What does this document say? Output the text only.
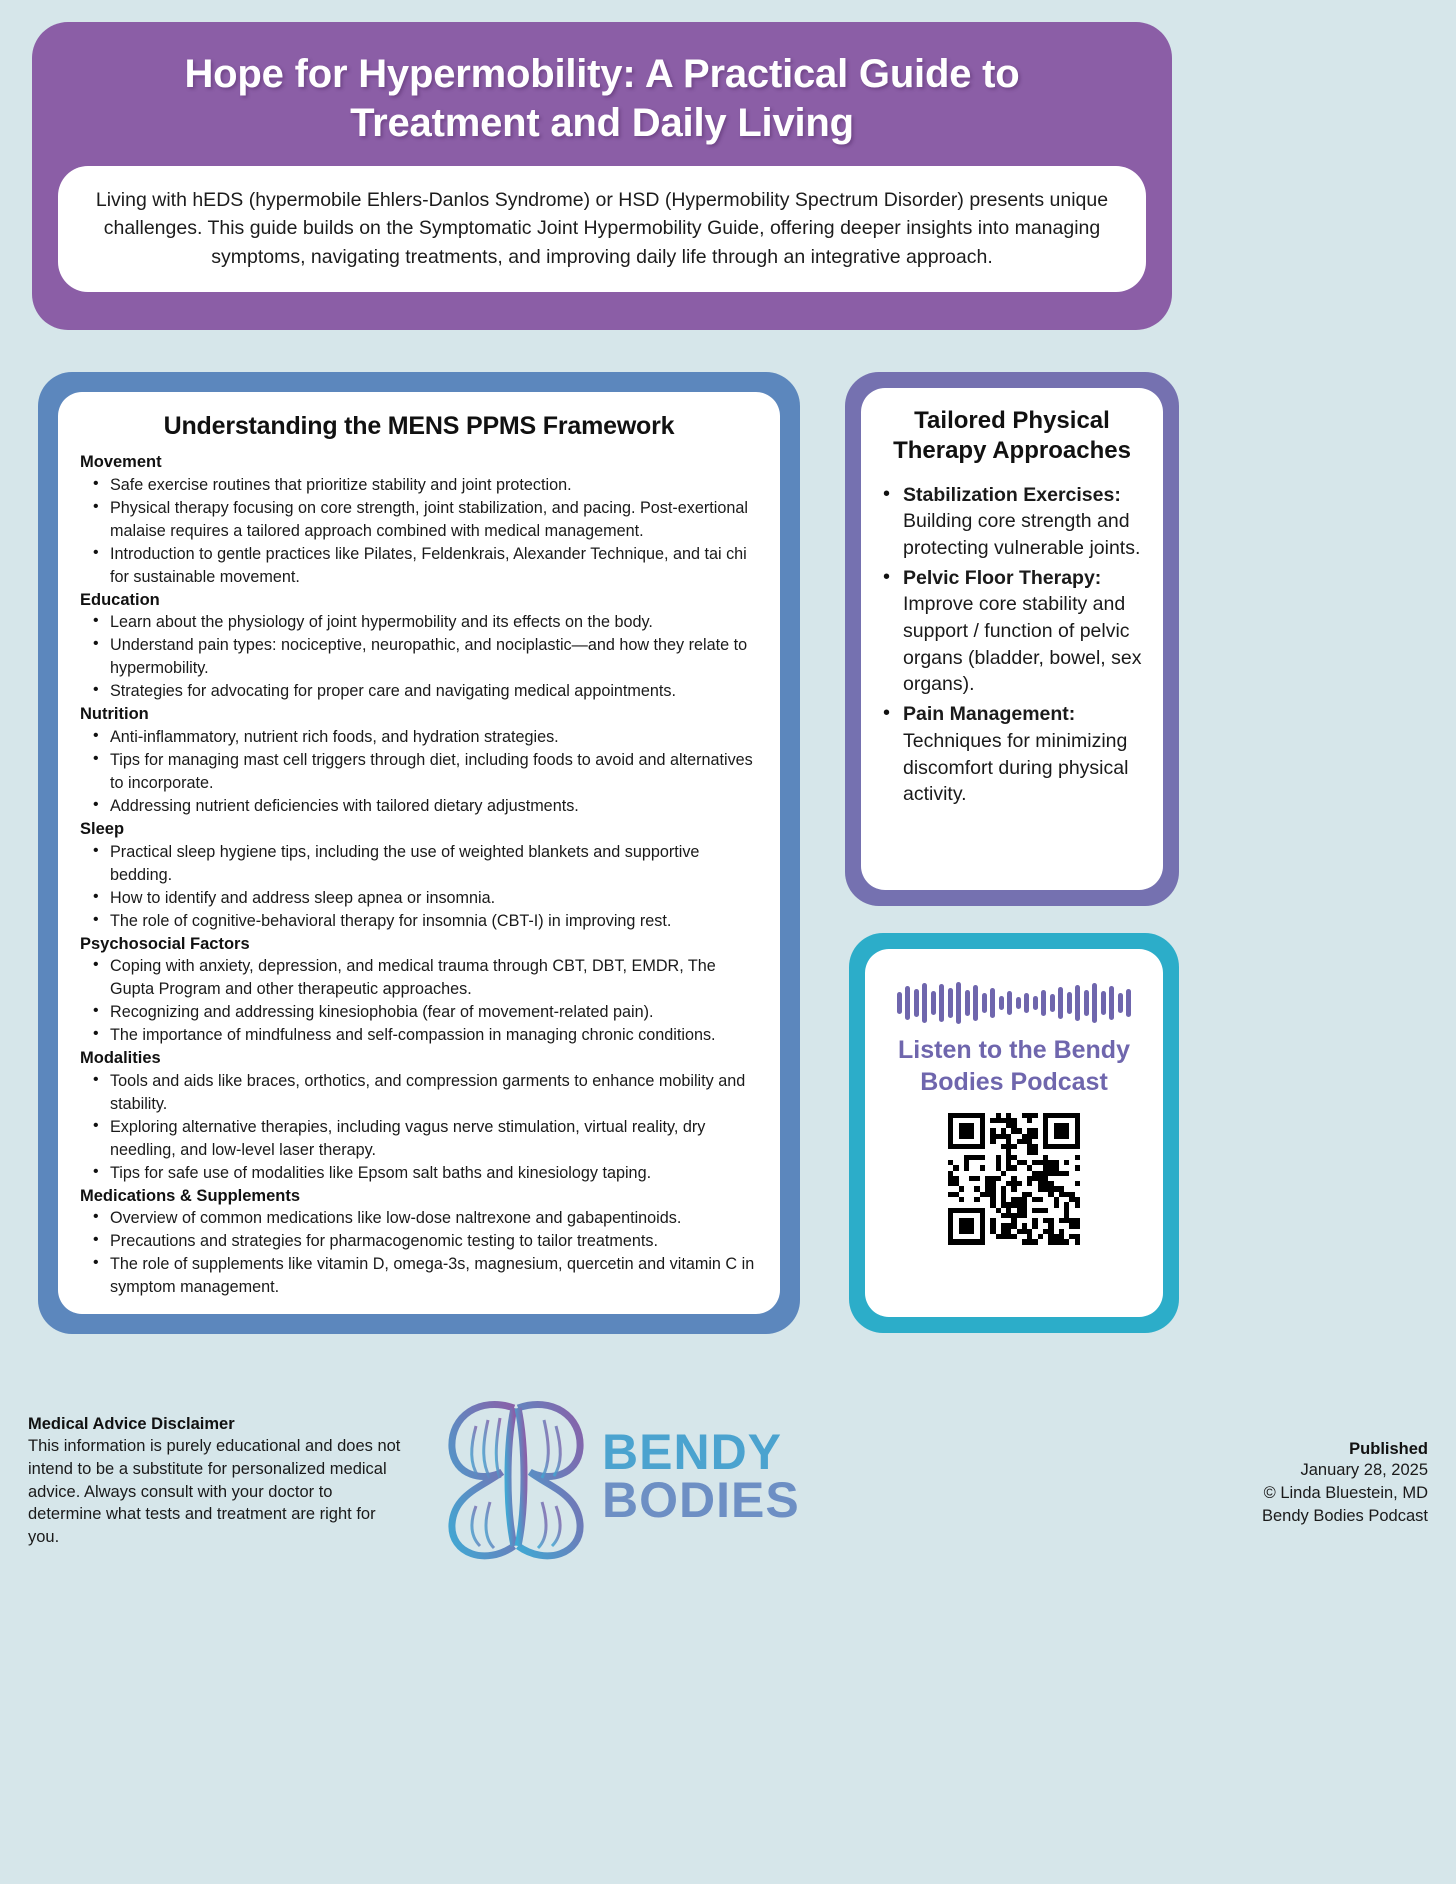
Hope for Hypermobility: A Practical Guide to Treatment and Daily Living
Living with hEDS (hypermobile Ehlers-Danlos Syndrome) or HSD (Hypermobility Spectrum Disorder) presents unique challenges. This guide builds on the Symptomatic Joint Hypermobility Guide, offering deeper insights into managing symptoms, navigating treatments, and improving daily life through an integrative approach.
Understanding the MENS PPMS Framework
Movement
• Safe exercise routines that prioritize stability and joint protection.
• Physical therapy focusing on core strength, joint stabilization, and pacing. Post-exertional malaise requires a tailored approach combined with medical management.
• Introduction to gentle practices like Pilates, Feldenkrais, Alexander Technique, and tai chi for sustainable movement.
Education
• Learn about the physiology of joint hypermobility and its effects on the body.
• Understand pain types: nociceptive, neuropathic, and nociplastic—and how they relate to hypermobility.
• Strategies for advocating for proper care and navigating medical appointments.
Nutrition
• Anti-inflammatory, nutrient rich foods, and hydration strategies.
• Tips for managing mast cell triggers through diet, including foods to avoid and alternatives to incorporate.
• Addressing nutrient deficiencies with tailored dietary adjustments.
Sleep
• Practical sleep hygiene tips, including the use of weighted blankets and supportive bedding.
• How to identify and address sleep apnea or insomnia.
• The role of cognitive-behavioral therapy for insomnia (CBT-I) in improving rest.
Psychosocial Factors
• Coping with anxiety, depression, and medical trauma through CBT, DBT, EMDR, The Gupta Program and other therapeutic approaches.
• Recognizing and addressing kinesiophobia (fear of movement-related pain).
• The importance of mindfulness and self-compassion in managing chronic conditions.
Modalities
• Tools and aids like braces, orthotics, and compression garments to enhance mobility and stability.
• Exploring alternative therapies, including vagus nerve stimulation, virtual reality, dry needling, and low-level laser therapy.
• Tips for safe use of modalities like Epsom salt baths and kinesiology taping.
Medications & Supplements
• Overview of common medications like low-dose naltrexone and gabapentinoids.
• Precautions and strategies for pharmacogenomic testing to tailor treatments.
• The role of supplements like vitamin D, omega-3s, magnesium, quercetin and vitamin C in symptom management.
Tailored Physical Therapy Approaches
• Stabilization Exercises: Building core strength and protecting vulnerable joints.
• Pelvic Floor Therapy: Improve core stability and support / function of pelvic organs (bladder, bowel, sex organs).
• Pain Management: Techniques for minimizing discomfort during physical activity.
Listen to the Bendy Bodies Podcast
Medical Advice Disclaimer
This information is purely educational and does not intend to be a substitute for personalized medical advice. Always consult with your doctor to determine what tests and treatment are right for you.
BENDY
BODIES
Published
January 28, 2025
© Linda Bluestein, MD
Bendy Bodies Podcast
